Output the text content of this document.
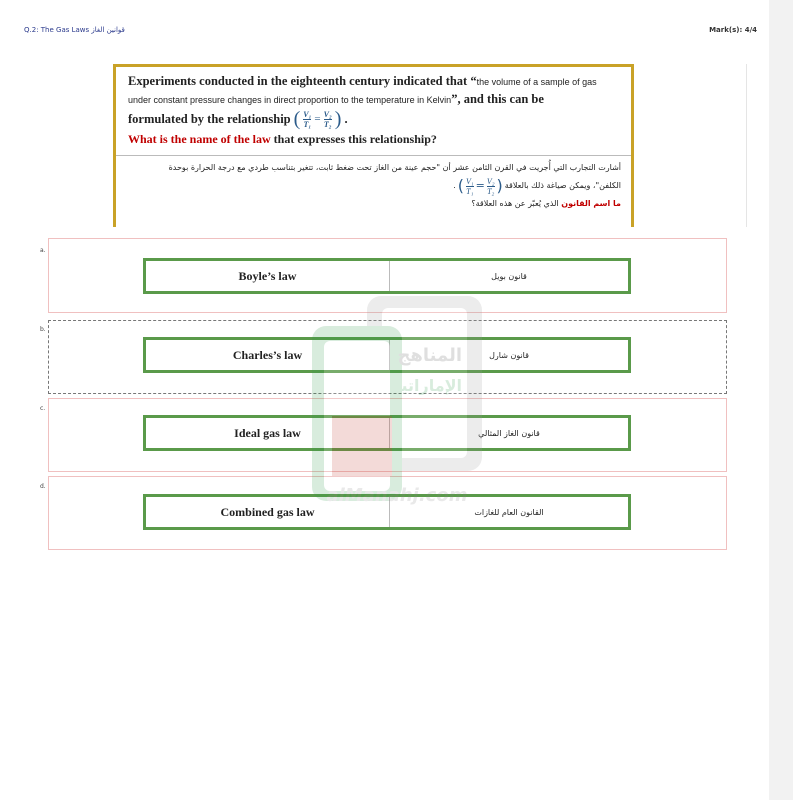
Q.2: The Gas Laws قوانين الغاز	Mark(s): 4/4
Experiments conducted in the eighteenth century indicated that “the volume of a sample of gas under constant pressure changes in direct proportion to the temperature in Kelvin”, and this can be
formulated by the relationship ( $\frac{\text{V₁}}{\text{T₁}} = \frac{\text{V₂}}{\text{T₂}}$ ) .
What is the name of the law that expresses this relationship?
أشارت التجارب التي أُجريت في القرن الثامن عشر أن "حجم عينة من الغاز تحت ضغط ثابت، تتغير بتناسب طردي مع درجة الحرارة بوحدة
. ( $\frac{\text{V₁}}{\text{T₁}} = \frac{\text{V₂}}{\text{T₂}}$ ) الكلفن"، ويمكن صياغة ذلك بالعلاقة
ما اسم القانون الذي يُعبّر عن هذه العلاقة؟
a.
Boyle’s law	قانون بويل
b.
Charles’s law	قانون شارل
c.
Ideal gas law	قانون الغاز المثالي
d.
Combined gas law	القانون العام للغازات
الإماراتية
